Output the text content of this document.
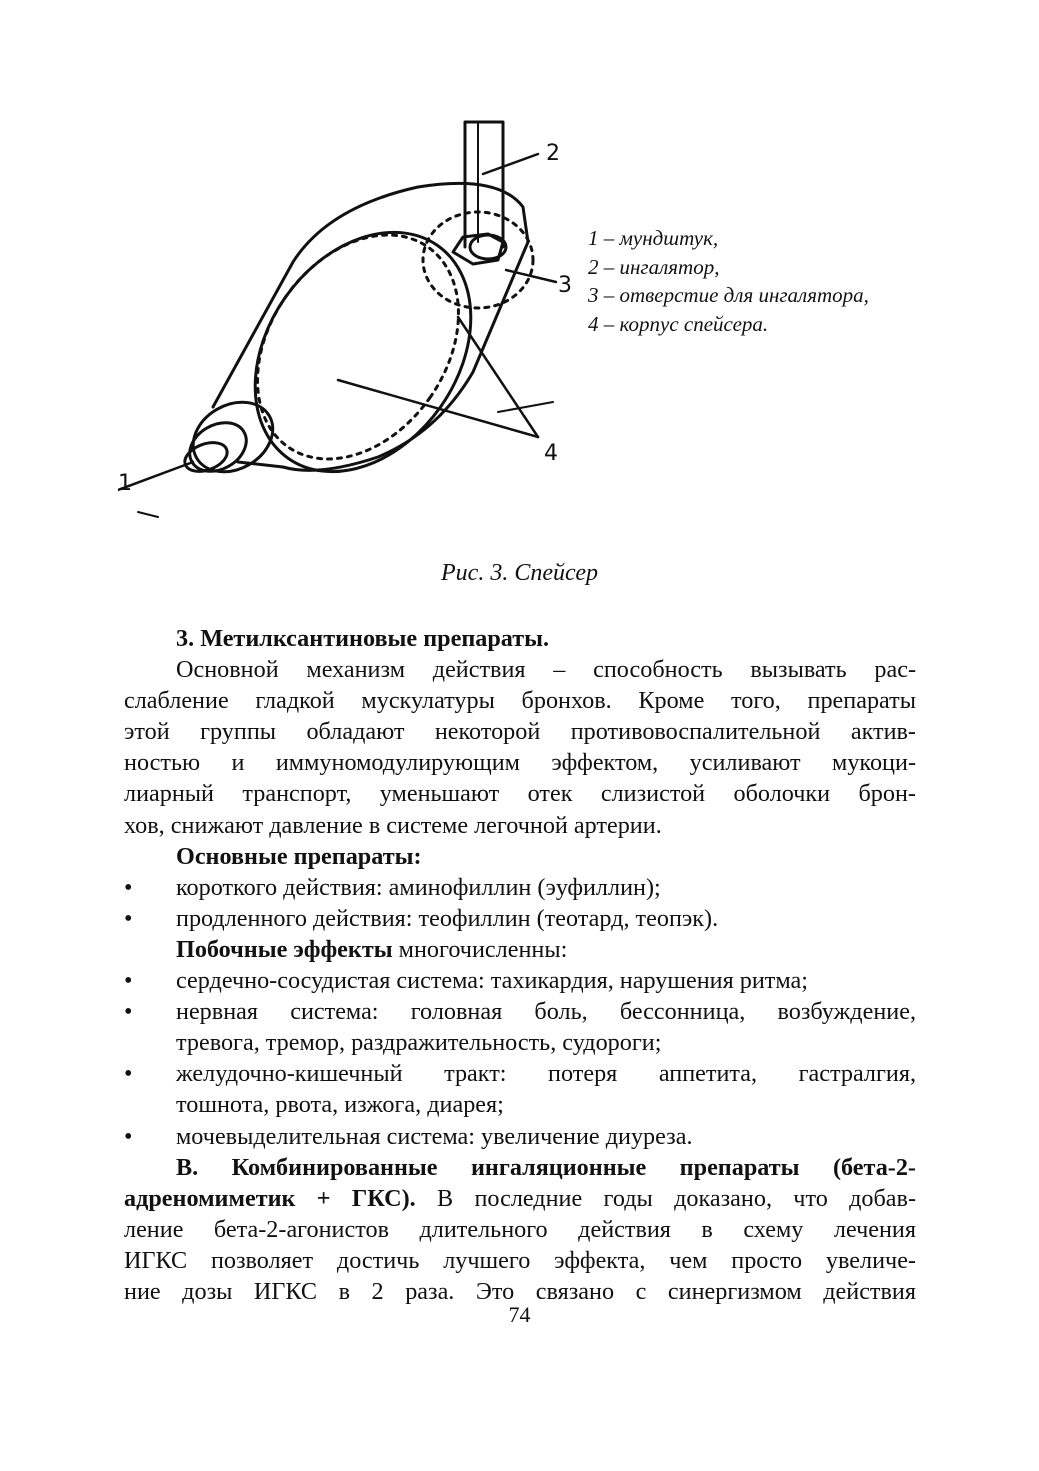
1
2
3
4
1 – мундштук,
2 – ингалятор,
3 – отверстие для ингалятора,
4 – корпус спейсера.
Рис. 3. Спейсер

3. Метилксантиновые препараты.

Основной механизм действия – способность вызывать рас-

слабление гладкой мускулатуры бронхов. Кроме того, препараты

этой группы обладают некоторой противовоспалительной актив-

ностью и иммуномодулирующим эффектом, усиливают мукоци-

лиарный транспорт, уменьшают отек слизистой оболочки брон-

хов, снижают давление в системе легочной артерии.

Основные препараты:

• короткого действия: аминофиллин (эуфиллин);

• продленного действия: теофиллин (теотард, теопэк).

Побочные эффекты многочисленны:

• сердечно-сосудистая система: тахикардия, нарушения ритма;

• нервная система: головная боль, бессонница, возбуждение,
тревога, тремор, раздражительность, судороги;
• желудочно-кишечный тракт: потеря аппетита, гастралгия,
тошнота, рвота, изжога, диарея;

• мочевыделительная система: увеличение диуреза.

В. Комбинированные ингаляционные препараты (бета-2-

адреномиметик + ГКС). В последние годы доказано, что добав-

ление бета-2-агонистов длительного действия в схему лечения

ИГКС позволяет достичь лучшего эффекта, чем просто увеличе-

ние дозы ИГКС в 2 раза. Это связано с синергизмом действия

74
